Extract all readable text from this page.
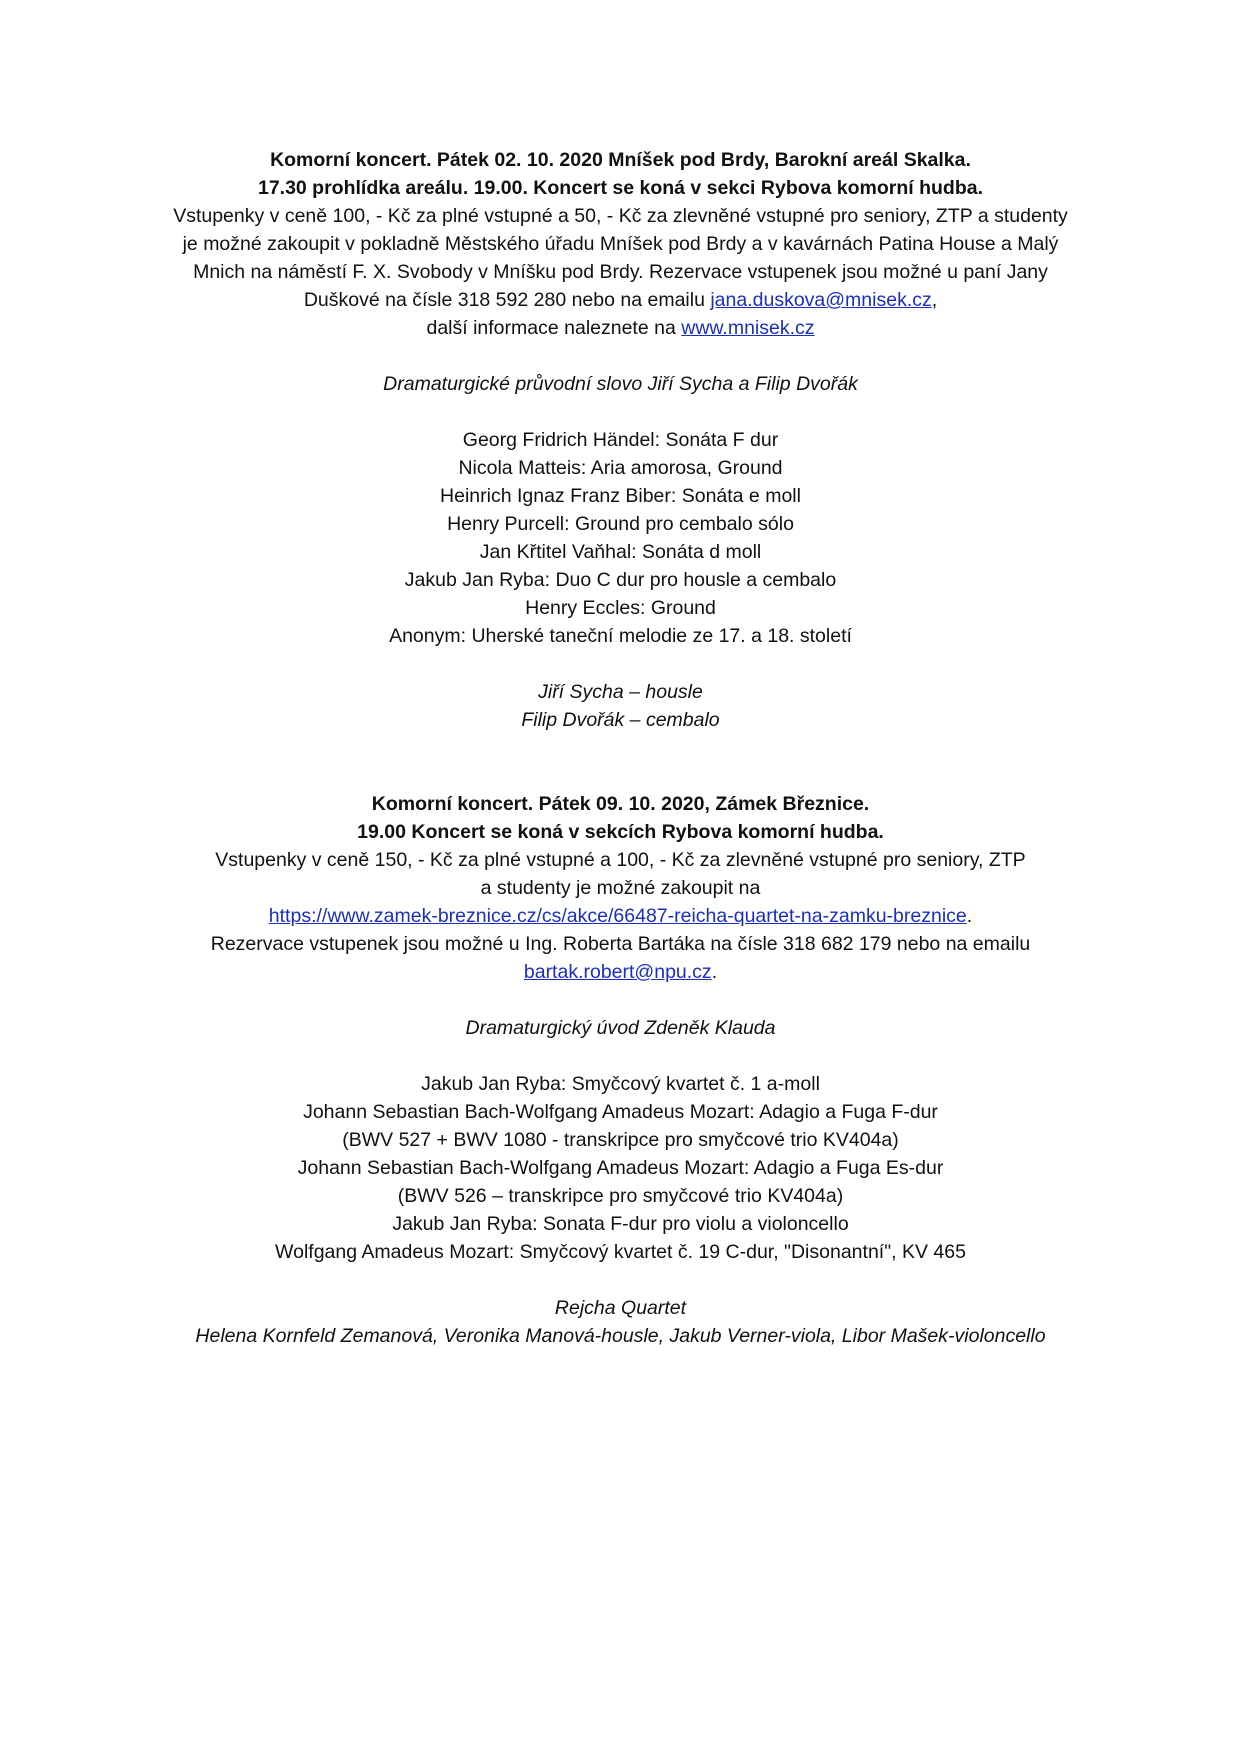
Komorní koncert. Pátek 02. 10. 2020 Mníšek pod Brdy, Barokní areál Skalka.
17.30 prohlídka areálu. 19.00. Koncert se koná v sekci Rybova komorní hudba.
Vstupenky v ceně 100, - Kč za plné vstupné a 50, - Kč za zlevněné vstupné pro seniory, ZTP a studenty
je možné zakoupit v pokladně Městského úřadu Mníšek pod Brdy a v kavárnách Patina House a Malý
Mnich na náměstí F. X. Svobody v Mníšku pod Brdy. Rezervace vstupenek jsou možné u paní Jany
Duškové na čísle 318 592 280 nebo na emailu jana.duskova@mnisek.cz,
další informace naleznete na www.mnisek.cz
Dramaturgické průvodní slovo Jiří Sycha a Filip Dvořák
Georg Fridrich Händel: Sonáta F dur
Nicola Matteis: Aria amorosa, Ground
Heinrich Ignaz Franz Biber: Sonáta e moll
Henry Purcell: Ground pro cembalo sólo
Jan Křtitel Vaňhal: Sonáta d moll
Jakub Jan Ryba: Duo C dur pro housle a cembalo
Henry Eccles: Ground
Anonym: Uherské taneční melodie ze 17. a 18. století
Jiří Sycha – housle
Filip Dvořák – cembalo
Komorní koncert. Pátek 09. 10. 2020, Zámek Březnice.
19.00 Koncert se koná v sekcích Rybova komorní hudba.
Vstupenky v ceně 150, - Kč za plné vstupné a 100, - Kč za zlevněné vstupné pro seniory, ZTP
a studenty je možné zakoupit na
https://www.zamek-breznice.cz/cs/akce/66487-reicha-quartet-na-zamku-breznice.
Rezervace vstupenek jsou možné u Ing. Roberta Bartáka na čísle 318 682 179 nebo na emailu
bartak.robert@npu.cz.
Dramaturgický úvod Zdeněk Klauda
Jakub Jan Ryba: Smyčcový kvartet č. 1 a-moll
Johann Sebastian Bach-Wolfgang Amadeus Mozart: Adagio a Fuga F-dur
(BWV 527 + BWV 1080 - transkripce pro smyčcové trio KV404a)
Johann Sebastian Bach-Wolfgang Amadeus Mozart: Adagio a Fuga Es-dur
(BWV 526 – transkripce pro smyčcové trio KV404a)
Jakub Jan Ryba: Sonata F-dur pro violu a violoncello
Wolfgang Amadeus Mozart: Smyčcový kvartet č. 19 C-dur, "Disonantní", KV 465
Rejcha Quartet
Helena Kornfeld Zemanová, Veronika Manová-housle, Jakub Verner-viola, Libor Mašek-violoncello
